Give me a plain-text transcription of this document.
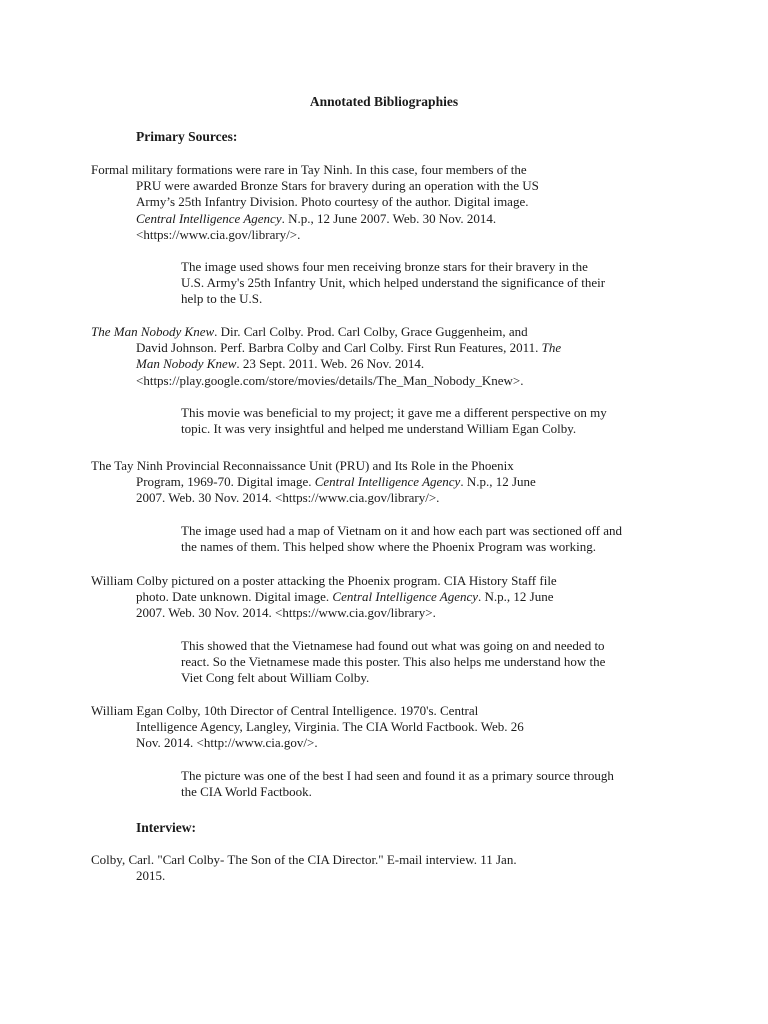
Annotated Bibliographies
Primary Sources:
Formal military formations were rare in Tay Ninh. In this case, four members of the
PRU were awarded Bronze Stars for bravery during an operation with the US
Army’s 25th Infantry Division. Photo courtesy of the author. Digital image.
Central Intelligence Agency. N.p., 12 June 2007. Web. 30 Nov. 2014.
<https://www.cia.gov/library/>.
The image used shows four men receiving bronze stars for their bravery in the
U.S. Army's 25th Infantry Unit, which helped understand the significance of their
help to the U.S.
The Man Nobody Knew. Dir. Carl Colby. Prod. Carl Colby, Grace Guggenheim, and
David Johnson. Perf. Barbra Colby and Carl Colby. First Run Features, 2011. The
Man Nobody Knew. 23 Sept. 2011. Web. 26 Nov. 2014.
<https://play.google.com/store/movies/details/The_Man_Nobody_Knew>.
This movie was beneficial to my project; it gave me a different perspective on my
topic. It was very insightful and helped me understand William Egan Colby.
The Tay Ninh Provincial Reconnaissance Unit (PRU) and Its Role in the Phoenix
Program, 1969-70. Digital image. Central Intelligence Agency. N.p., 12 June
2007. Web. 30 Nov. 2014. <https://www.cia.gov/library/>.
The image used had a map of Vietnam on it and how each part was sectioned off and
the names of them. This helped show where the Phoenix Program was working.
William Colby pictured on a poster attacking the Phoenix program. CIA History Staff file
photo. Date unknown. Digital image. Central Intelligence Agency. N.p., 12 June
2007. Web. 30 Nov. 2014. <https://www.cia.gov/library>.
This showed that the Vietnamese had found out what was going on and needed to
react. So the Vietnamese made this poster. This also helps me understand how the
Viet Cong felt about William Colby.
William Egan Colby, 10th Director of Central Intelligence. 1970's. Central
Intelligence Agency, Langley, Virginia. The CIA World Factbook. Web. 26
Nov. 2014. <http://www.cia.gov/>.
The picture was one of the best I had seen and found it as a primary source through
the CIA World Factbook.
Interview:
Colby, Carl. "Carl Colby- The Son of the CIA Director." E-mail interview. 11 Jan.
2015.
